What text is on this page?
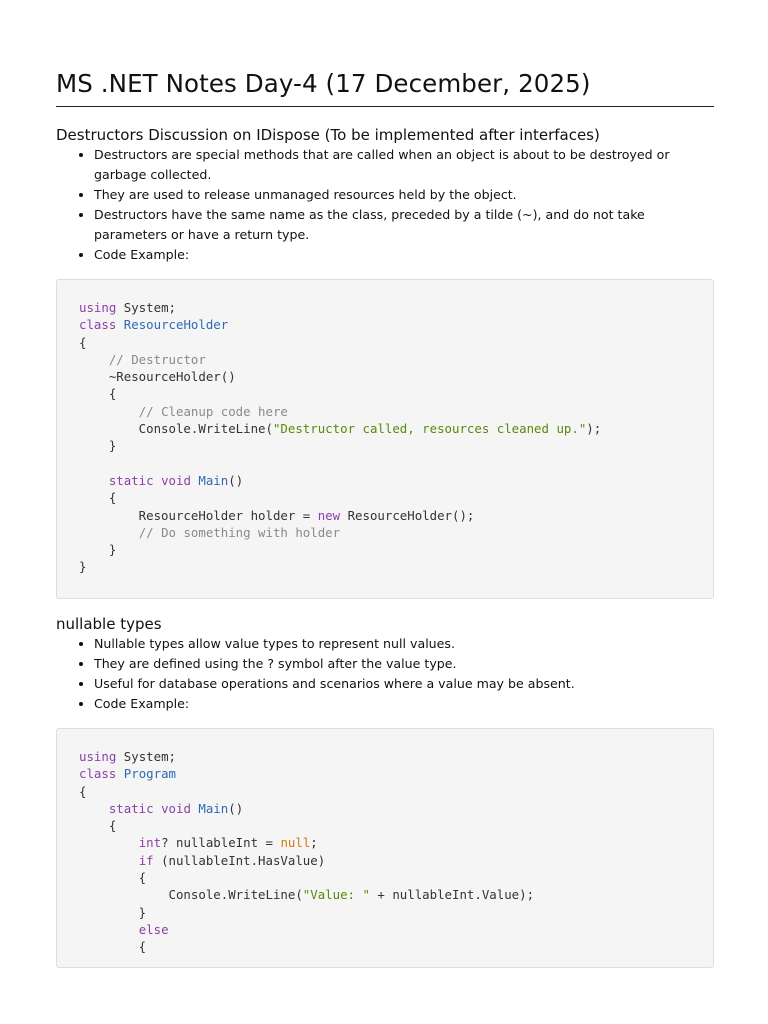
MS .NET Notes Day-4 (17 December, 2025)
Destructors Discussion on IDispose (To be implemented after interfaces)
• Destructors are special methods that are called when an object is about to be destroyed or garbage collected.
• They are used to release unmanaged resources held by the object.
• Destructors have the same name as the class, preceded by a tilde (~), and do not take parameters or have a return type.
• Code Example:
using System;
class ResourceHolder
{
// Destructor
~ResourceHolder()
{
// Cleanup code here
Console.WriteLine("Destructor called, resources cleaned up.");
}
static void Main()
{
ResourceHolder holder = new ResourceHolder();
// Do something with holder
}
}
nullable types
• Nullable types allow value types to represent null values.
• They are defined using the ? symbol after the value type.
• Useful for database operations and scenarios where a value may be absent.
• Code Example:
using System;
class Program
{
static void Main()
{
int? nullableInt = null;
if (nullableInt.HasValue)
{
Console.WriteLine("Value: " + nullableInt.Value);
}
else
{
